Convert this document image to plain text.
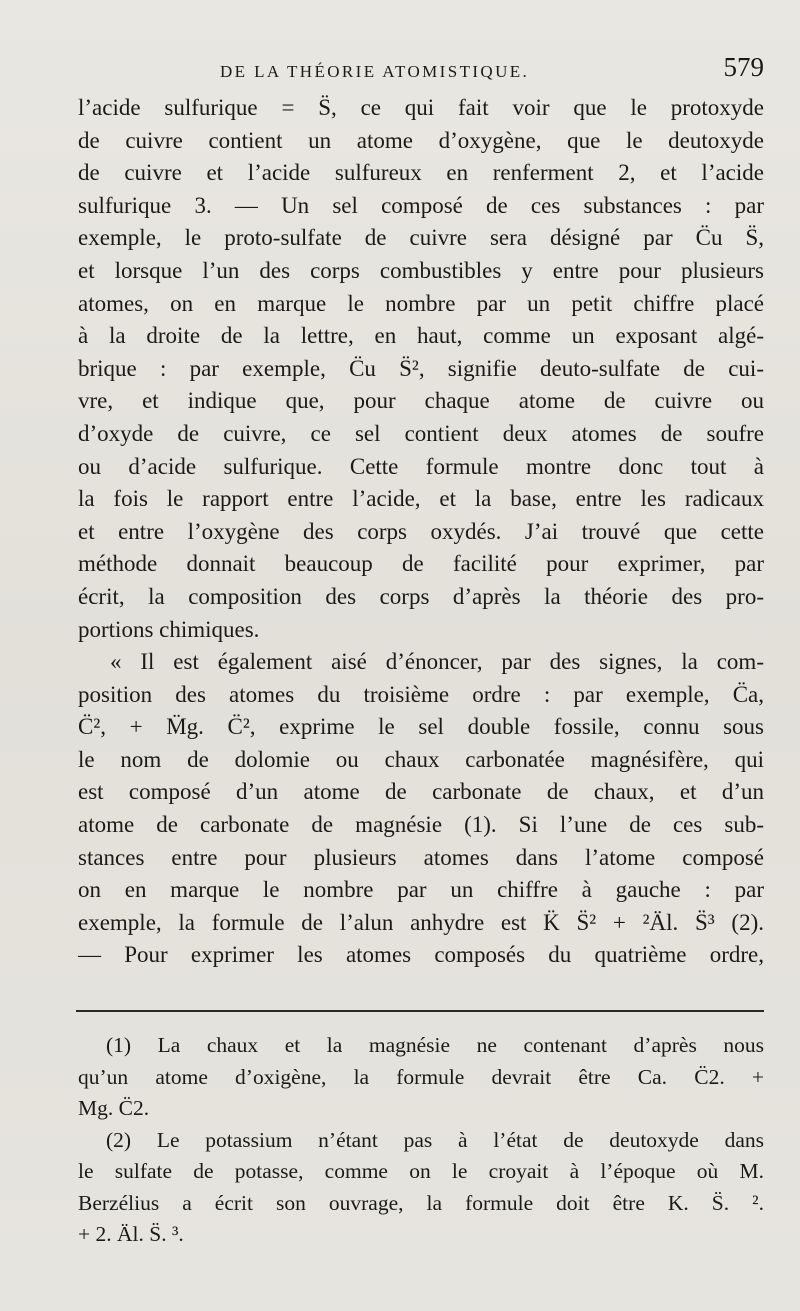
DE LA THÉORIE ATOMISTIQUE.	579
l’acide sulfurique = S̈, ce qui fait voir que le protoxyde
de cuivre contient un atome d’oxygène, que le deutoxyde
de cuivre et l’acide sulfureux en renferment 2, et l’acide
sulfurique 3. — Un sel composé de ces substances : par
exemple, le proto-sulfate de cuivre sera désigné par C̈u S̈,
et lorsque l’un des corps combustibles y entre pour plusieurs
atomes, on en marque le nombre par un petit chiffre placé
à la droite de la lettre, en haut, comme un exposant algé-
brique : par exemple, C̈u S̈², signifie deuto-sulfate de cui-
vre, et indique que, pour chaque atome de cuivre ou
d’oxyde de cuivre, ce sel contient deux atomes de soufre
ou d’acide sulfurique. Cette formule montre donc tout à
la fois le rapport entre l’acide, et la base, entre les radicaux
et entre l’oxygène des corps oxydés. J’ai trouvé que cette
méthode donnait beaucoup de facilité pour exprimer, par
écrit, la composition des corps d’après la théorie des pro-
portions chimiques.
« Il est également aisé d’énoncer, par des signes, la com-
position des atomes du troisième ordre : par exemple, C̈a,
C̈², + M̈g. C̈², exprime le sel double fossile, connu sous
le nom de dolomie ou chaux carbonatée magnésifère, qui
est composé d’un atome de carbonate de chaux, et d’un
atome de carbonate de magnésie (1). Si l’une de ces sub-
stances entre pour plusieurs atomes dans l’atome composé
on en marque le nombre par un chiffre à gauche : par
exemple, la formule de l’alun anhydre est K̈ S̈² + ²Äl. S̈³ (2).
— Pour exprimer les atomes composés du quatrième ordre,
(1) La chaux et la magnésie ne contenant d’après nous
qu’un atome d’oxigène, la formule devrait être Ca. C̈2. +
Mg. C̈2.
(2) Le potassium n’étant pas à l’état de deutoxyde dans
le sulfate de potasse, comme on le croyait à l’époque où M.
Berzélius a écrit son ouvrage, la formule doit être K. S̈. ².
+ 2. Äl. S̈. ³.
